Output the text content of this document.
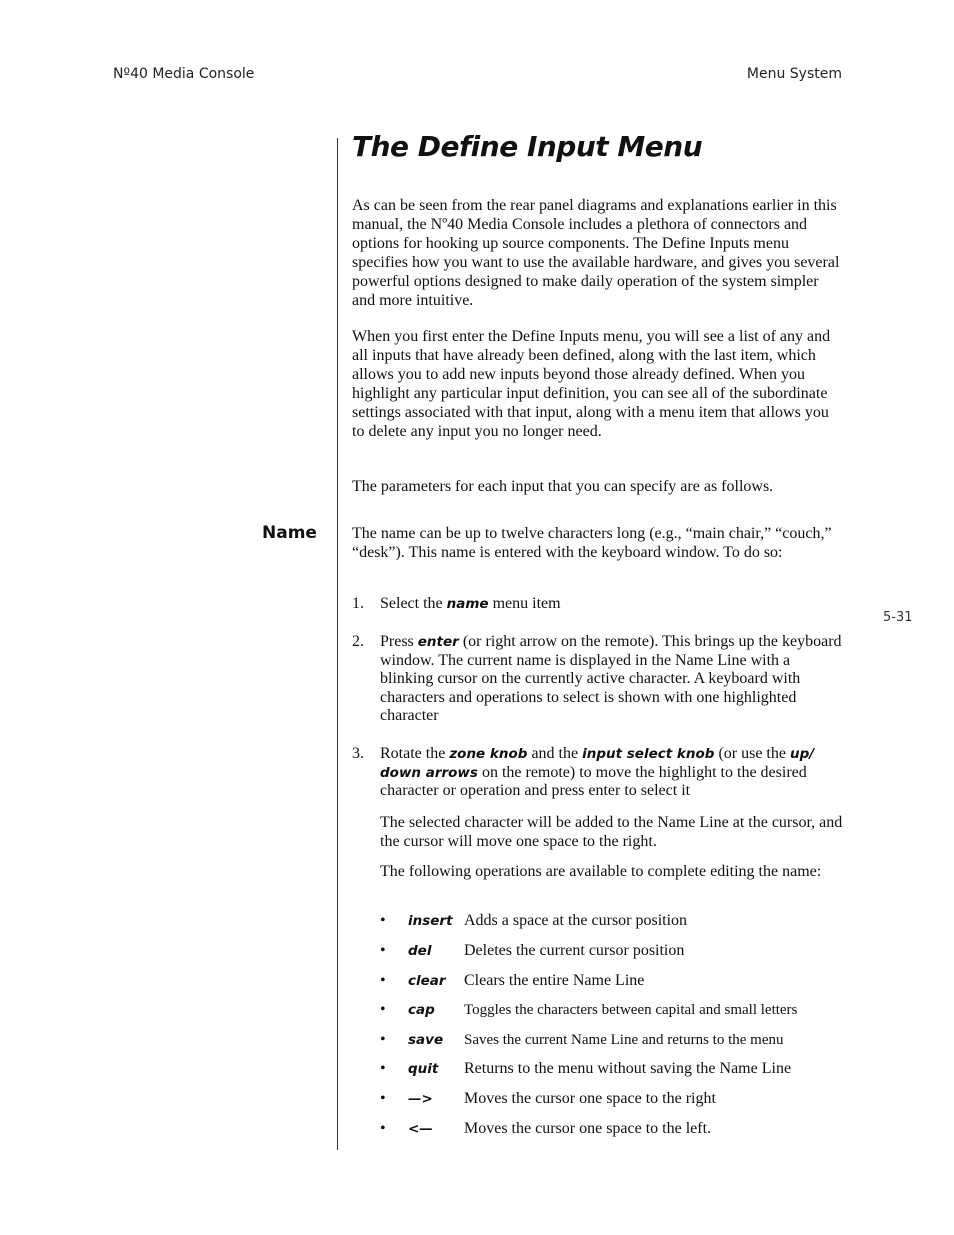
Nº40 Media Console	Menu System
The Define Input Menu

As can be seen from the rear panel diagrams and explanations earlier in this manual, the Nº40 Media Console includes a plethora of connectors and options for hooking up source components. The Define Inputs menu specifies how you want to use the available hardware, and gives you several powerful options designed to make daily operation of the system simpler and more intuitive.

When you first enter the Define Inputs menu, you will see a list of any and all inputs that have already been defined, along with the last item, which allows you to add new inputs beyond those already defined. When you highlight any particular input definition, you can see all of the subordinate settings associated with that input, along with a menu item that allows you to delete any input you no longer need.

The parameters for each input that you can specify are as follows.

Name The name can be up to twelve characters long (e.g., “main chair,” “couch,” “desk”). This name is entered with the keyboard window. To do so:

5-31
1. Select the name menu item
2. Press enter (or right arrow on the remote). This brings up the keyboard window. The current name is displayed in the Name Line with a blinking cursor on the currently active character. A keyboard with characters and operations to select is shown with one highlighted character
3. Rotate the zone knob and the input select knob (or use the up/ down arrows on the remote) to move the highlight to the desired character or operation and press enter to select it

The selected character will be added to the Name Line at the cursor, and the cursor will move one space to the right.

The following operations are available to complete editing the name:

• insert Adds a space at the cursor position
• del Deletes the current cursor position
• clear Clears the entire Name Line
• cap Toggles the characters between capital and small letters
• save Saves the current Name Line and returns to the menu
• quit Returns to the menu without saving the Name Line
• —> Moves the cursor one space to the right
• <— Moves the cursor one space to the left.
